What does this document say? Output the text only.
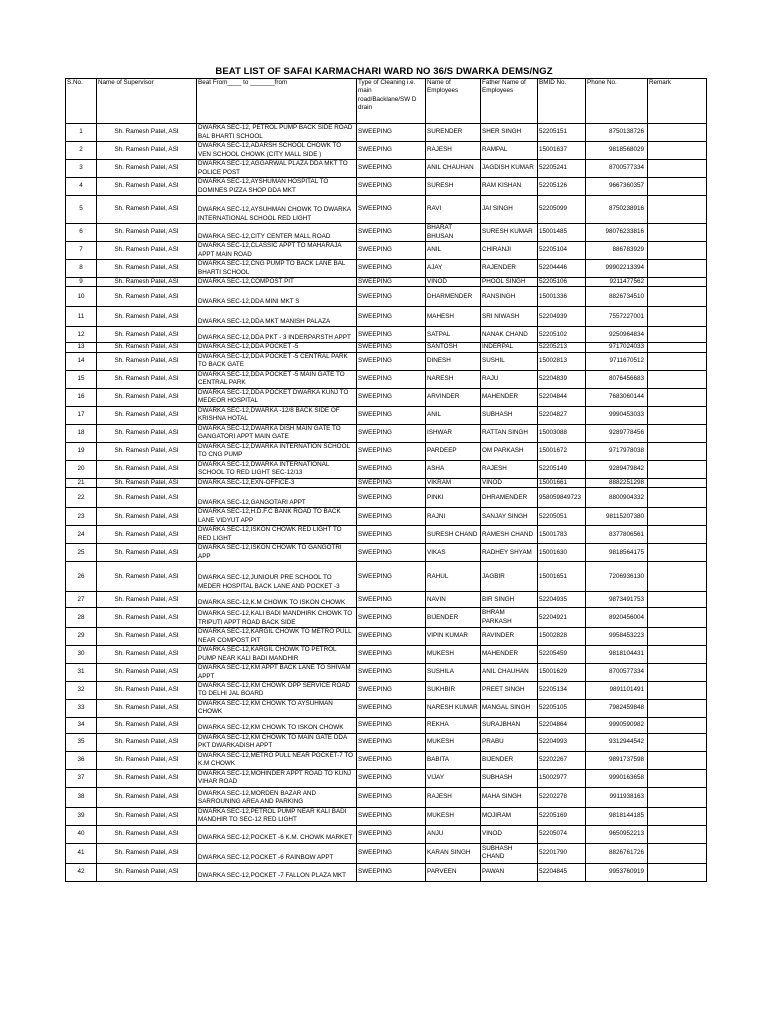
BEAT LIST OF SAFAI KARMACHARI WARD NO 36/S DWARKA DEMS/NGZ
S.No.	Name of Supervisor	Beat From____ to _______from	Type of Cleaning i.e. main road/Backlane/SW D drain	Name of Employees	Father Name of Employees	BMID No.	Phone No.	Remark
1	Sh. Ramesh Patel, ASI	DWARKA SEC-12, PETROL PUMP BACK SIDE ROAD BAL BHARTI SCHOOL	SWEEPING	SURENDER	SHER SINGH	52205151	8750138726	
2	Sh. Ramesh Patel, ASI	DWARKA SEC-12,ADARSH SCHOOL CHOWK TO VEN SCHOOL CHOWK (CITY MALL SIDE )	SWEEPING	RAJESH	RAMPAL	15001637	9818568029	
3	Sh. Ramesh Patel, ASI	DWARKA SEC-12,AGGARWAL PLAZA DDA MKT TO POLICE POST	SWEEPING	ANIL CHAUHAN	JAGDISH KUMAR	52205241	8700577334	
4	Sh. Ramesh Patel, ASI	DWARKA SEC-12,AYSHUMAN HOSPITAL TO DOMINES PIZZA SHOP DDA MKT	SWEEPING	SURESH	RAM KISHAN	52205126	9667360357	
5	Sh. Ramesh Patel, ASI	DWARKA SEC-12,AYSUHMAN CHOWK TO DWARKA INTERNATIONAL SCHOOL RED LIGHT	SWEEPING	RAVI	JAI SINGH	52205099	8750238916	
6	Sh. Ramesh Patel, ASI	DWARKA SEC-12,CITY CENTER MALL ROAD	SWEEPING	BHARAT BHUSAN	SURESH KUMAR	15001485	98076233816	
7	Sh. Ramesh Patel, ASI	DWARKA SEC-12,CLASSIC APPT TO MAHARAJA APPT MAIN ROAD	SWEEPING	ANIL	CHIRANJI	52205104	886783929	
8	Sh. Ramesh Patel, ASI	DWARKA SEC-12,CNG PUMP TO BACK LANE BAL BHARTI SCHOOL	SWEEPING	AJAY	RAJENDER	52204446	99902213394	
9	Sh. Ramesh Patel, ASI	DWARKA SEC-12,COMPOST PIT	SWEEPING	VINOD	PHOOL SINGH	52205106	9211477562	
10	Sh. Ramesh Patel, ASI	DWARKA SEC-12,DDA MINI MKT S	SWEEPING	DHARMENDER	RANSINGH	15001336	8826734510	
11	Sh. Ramesh Patel, ASI	DWARKA SEC-12,DDA MKT MANISH PALAZA	SWEEPING	MAHESH	SRI NIWASH	52204939	7557227001	
12	Sh. Ramesh Patel, ASI	DWARKA SEC-12,DDA PKT - 3 INDERPARSTH APPT	SWEEPING	SATPAL	NANAK CHAND	52205102	9250964834	
13	Sh. Ramesh Patel, ASI	DWARKA SEC-12,DDA POCKET -5	SWEEPING	SANTOSH	INDERPAL	52205213	9717024033	
14	Sh. Ramesh Patel, ASI	DWARKA SEC-12,DDA POCKET -5 CENTRAL PARK TO BACK GATE	SWEEPING	DINESH	SUSHIL	15002813	9711670512	
15	Sh. Ramesh Patel, ASI	DWARKA SEC-12,DDA POCKET -5 MAIN GATE TO CENTRAL PARK	SWEEPING	NARESH	RAJU	52204839	8076456683	
16	Sh. Ramesh Patel, ASI	DWARKA SEC-12,DDA POCKET DWARKA KUNJ TO MEDEOR HOSPITAL	SWEEPING	ARVINDER	MAHENDER	52204844	7683060144	
17	Sh. Ramesh Patel, ASI	DWARKA SEC-12,DWARKA -12/8 BACK SIDE OF KRISHNA HOTAL	SWEEPING	ANIL	SUBHASH	52204827	9990453033	
18	Sh. Ramesh Patel, ASI	DWARKA SEC-12,DWARKA DISH MAIN GATE TO GANGATORI APPT MAIN GATE	SWEEPING	ISHWAR	RATTAN SINGH	15003088	9289778456	
19	Sh. Ramesh Patel, ASI	DWARKA SEC-12,DWARKA INTERNATION SCHOOL TO CNG PUMP	SWEEPING	PARDEEP	OM PARKASH	15001672	9717978038	
20	Sh. Ramesh Patel, ASI	DWARKA SEC-12,DWARKA INTERNATIONAL SCHOOL TO RED LIGHT SEC-12/13	SWEEPING	ASHA	RAJESH	52205149	9289479842	
21	Sh. Ramesh Patel, ASI	DWARKA SEC-12,EXN-OFFICE-3	SWEEPING	VIKRAM	VINOD	15001661	8882251298	
22	Sh. Ramesh Patel, ASI	DWARKA SEC-12,GANGOTARI APPT	SWEEPING	PINKI	DHRAMENDER	958059849723	8800904332	
23	Sh. Ramesh Patel, ASI	DWARKA SEC-12,H.D.F.C BANK ROAD TO BACK LANE VIDYUT APP	SWEEPING	RAJNI	SANJAY SINGH	52205051	98115207380	
24	Sh. Ramesh Patel, ASI	DWARKA SEC-12,ISKON CHOWK RED LIGHT TO RED LIGHT	SWEEPING	SURESH CHAND	RAMESH CHAND	15001783	8377806561	
25	Sh. Ramesh Patel, ASI	DWARKA SEC-12,ISKON CHOWK TO GANGOTRI APP	SWEEPING	VIKAS	RADHEY SHYAM	15001630	9818564175	
26	Sh. Ramesh Patel, ASI	DWARKA SEC-12,JUNIOUR PRE SCHOOL TO MEDER HOSPITAL BACK LANE AND POCKET -3	SWEEPING	RAHUL	JAGBIR	15001651	7206936130	
27	Sh. Ramesh Patel, ASI	DWARKA SEC-12,K.M CHOWK TO ISKON CHOWK	SWEEPING	NAVIN	BIR SINGH	52204935	9873491753	
28	Sh. Ramesh Patel, ASI	DWARKA SEC-12,KALI BADI MANDHIRK CHOWK TO TRIPUTI APPT ROAD BACK SIDE	SWEEPING	BIJENDER	BHRAM PARKASH	52204921	8920456004	
29	Sh. Ramesh Patel, ASI	DWARKA SEC-12,KARGIL CHOWK TO METRO PULL NEAR COMPOST PIT	SWEEPING	VIPIN KUMAR	RAVINDER	15002828	9958453223	
30	Sh. Ramesh Patel, ASI	DWARKA SEC-12,KARGIL CHOWK TO PETROL PUMP NEAR KALI BADI MANDHIR	SWEEPING	MUKESH	MAHENDER	52205459	9818104431	
31	Sh. Ramesh Patel, ASI	DWARKA SEC-12,KM APPT BACK LANE TO SHIVAM APPT	SWEEPING	SUSHILA	ANIL CHAUHAN	15001629	8700577334	
32	Sh. Ramesh Patel, ASI	DWARKA SEC-12,KM CHOWK OPP SERVICE ROAD TO DELHI JAL BOARD	SWEEPING	SUKHBIR	PREET SINGH	52205134	9891101491	
33	Sh. Ramesh Patel, ASI	DWARKA SEC-12,KM CHOWK TO AYSUHMAN CHOWK	SWEEPING	NARESH KUMAR	MANGAL SINGH	52205105	7982459848	
34	Sh. Ramesh Patel, ASI	DWARKA SEC-12,KM CHOWK TO ISKON CHOWK	SWEEPING	REKHA	SURAJBHAN	52204864	9990590982	
35	Sh. Ramesh Patel, ASI	DWARKA SEC-12,KM CHOWK TO MAIN GATE DDA PKT DWARKADISH APPT	SWEEPING	MUKESH	PRABU	52204993	9312944542	
36	Sh. Ramesh Patel, ASI	DWARKA SEC-12,METRO PULL NEAR POCKET-7 TO K.M CHOWK	SWEEPING	BABITA	BIJENDER	52202267	9891737598	
37	Sh. Ramesh Patel, ASI	DWARKA SEC-12,MOHINDER APPT ROAD TO KUNJ VIHAR ROAD	SWEEPING	VIJAY	SUBHASH	15002977	9990163658	
38	Sh. Ramesh Patel, ASI	DWARKA SEC-12,MORDEN BAZAR AND SARROUNING AREA AND PARKING	SWEEPING	RAJESH	MAHA SINGH	52202278	9911938163	
39	Sh. Ramesh Patel, ASI	DWARKA SEC-12,PETROL PUMP NEAR KALI BADI MANDHIR TO SEC-12 RED LIGHT	SWEEPING	MUKESH	MOJIRAM	52205169	9818144185	
40	Sh. Ramesh Patel, ASI	DWARKA SEC-12,POCKET -6 K.M. CHOWK MARKET	SWEEPING	ANJU	VINOD	52205074	9650952213	
41	Sh. Ramesh Patel, ASI	DWARKA SEC-12,POCKET -6 RAINBOW APPT	SWEEPING	KARAN SINGH	SUBHASH CHAND	52201790	8826761726	
42	Sh. Ramesh Patel, ASI	DWARKA SEC-12,POCKET -7 FALLON PLAZA MKT	SWEEPING	PARVEEN	PAWAN	52204845	9953760919	
